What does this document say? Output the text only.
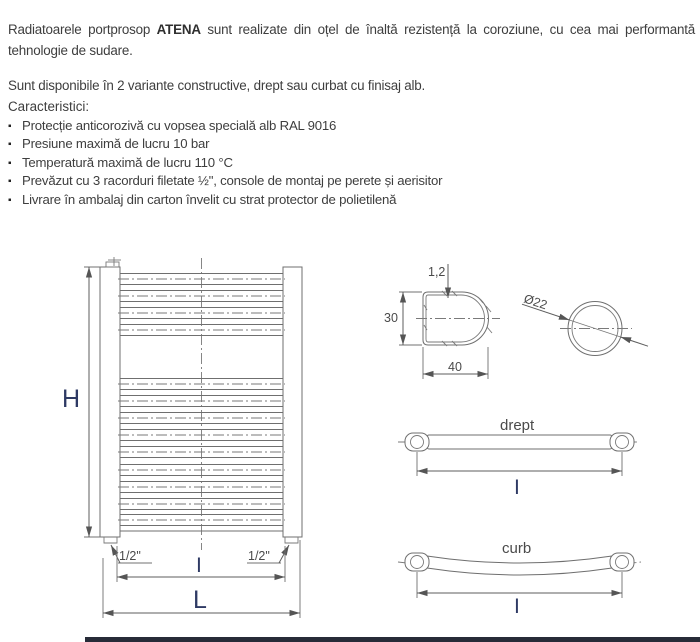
Radiatoarele portprosop ATENA sunt realizate din oțel de înaltă rezistență la coroziune, cu cea mai performantă tehnologie de sudare.

Sunt disponibile în 2 variante constructive, drept sau curbat cu finisaj alb.

Caracteristici:
▪ Protecție anticorozivă cu vopsea specială alb RAL 9016
▪ Presiune maximă de lucru 10 bar
▪ Temperatură maximă de lucru 110 °C
▪ Prevăzut cu 3 racorduri filetate ½", console de montaj pe perete și aerisitor
▪ Livrare în ambalaj din carton învelit cu strat protector de polietilenă
H
1/2"	1/2"
I
L
30
1,2
40
Ø22
drept
I
curb
I
